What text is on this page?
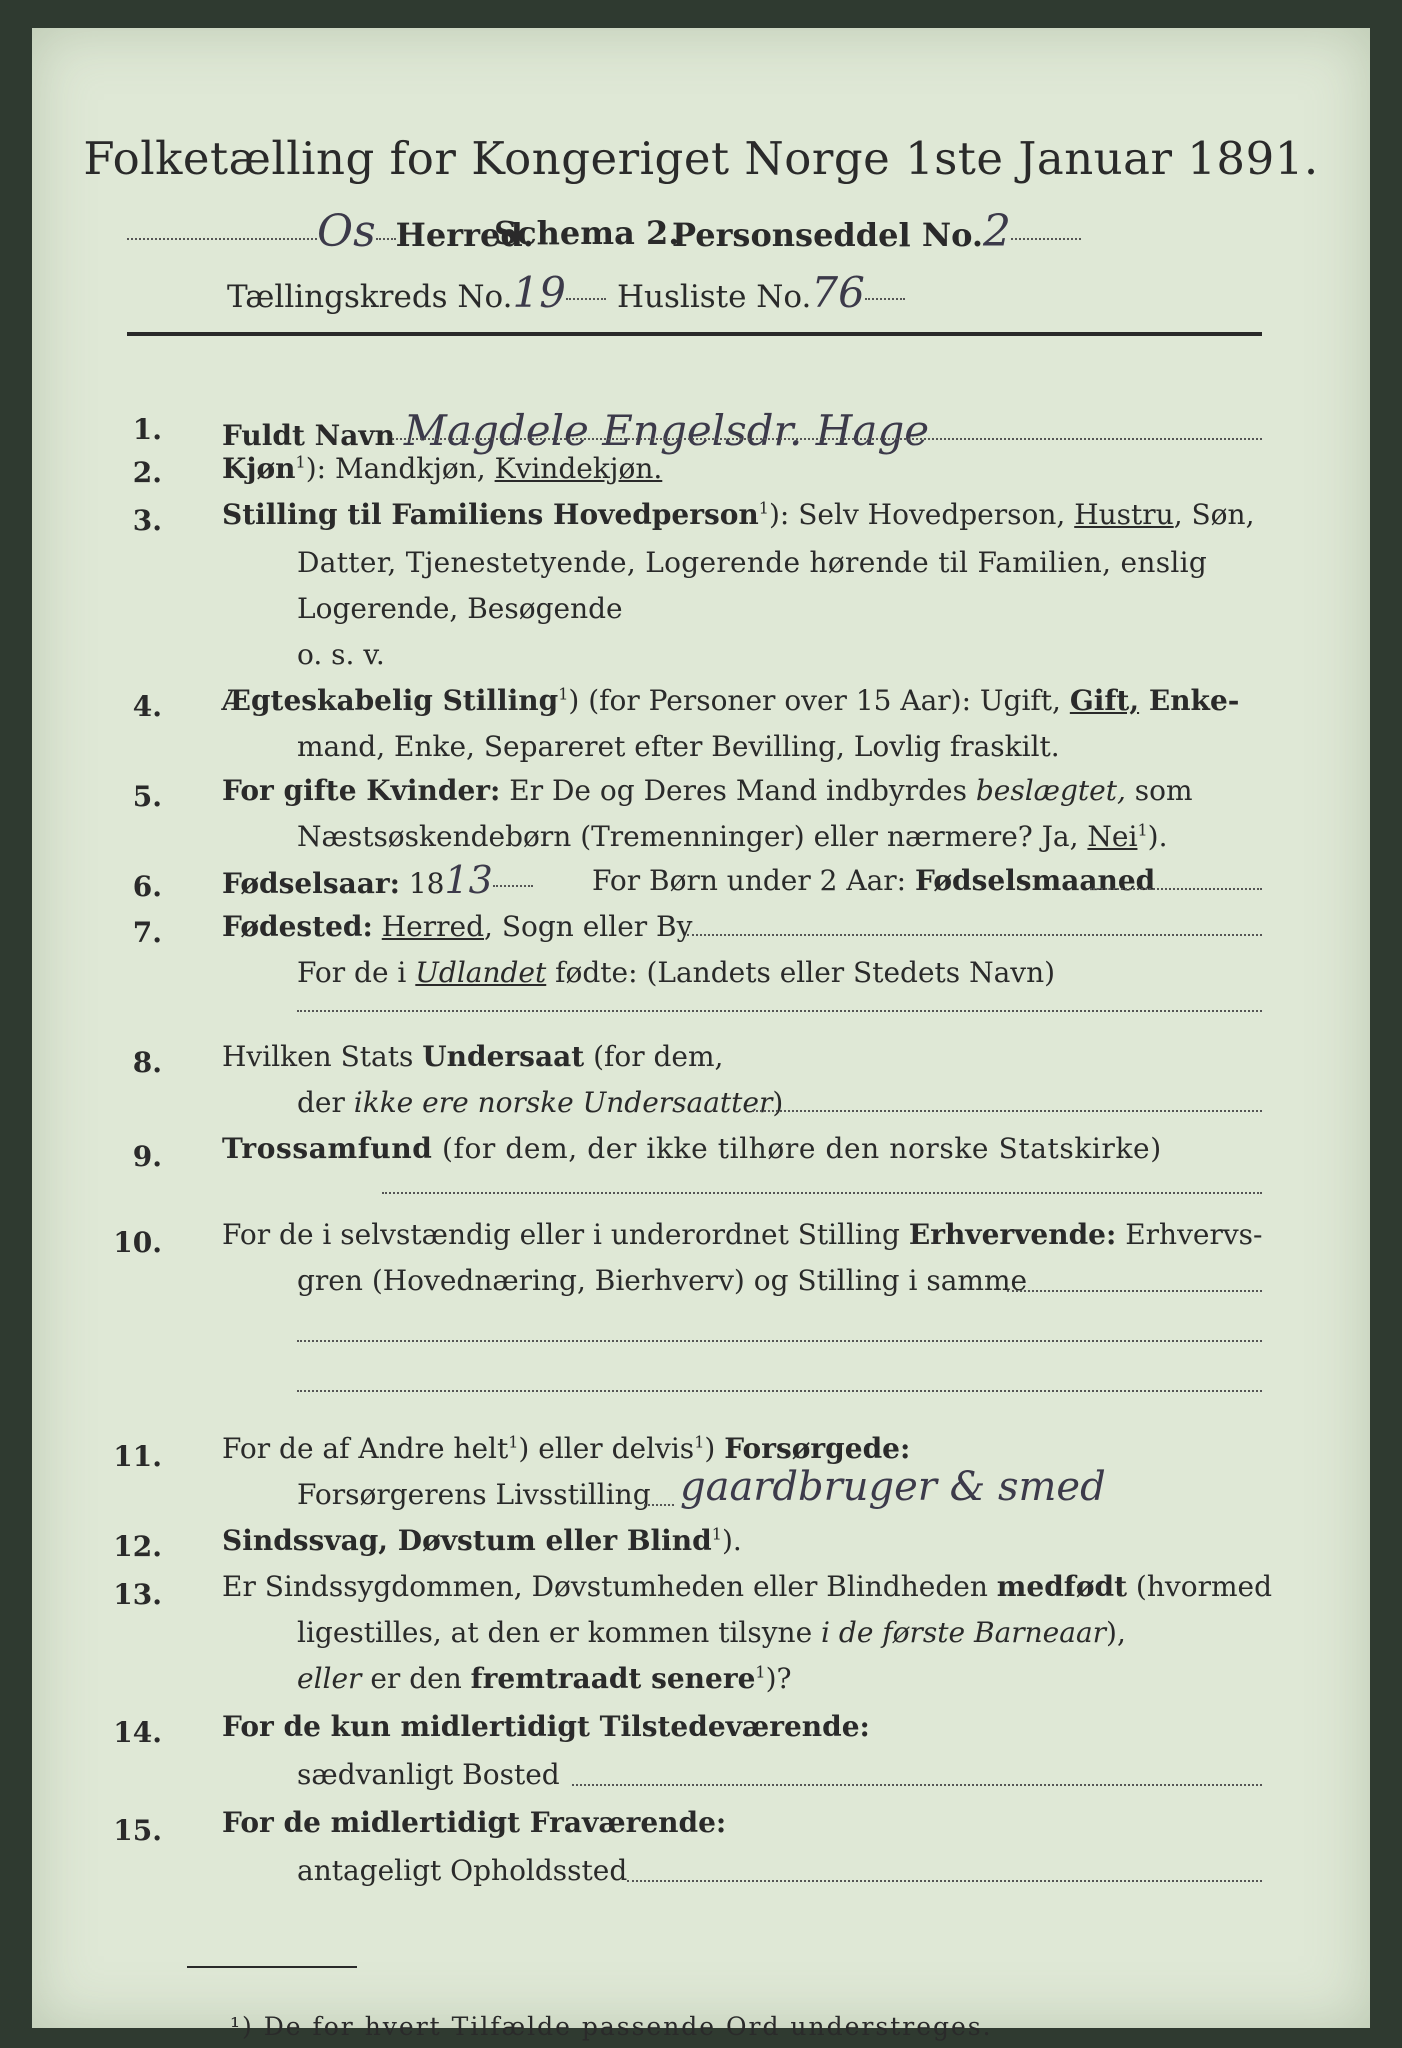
Folketælling for Kongeriget Norge 1ste Januar 1891.
Os Herred.
Schema 2.
Personseddel No.2
Tællingskreds No.19	Husliste No.76
1. Fuldt Navn Magdele Engelsdr. Hage
2. Kjøn$^1$): Mandkjøn, Kvindekjøn.
3. Stilling til Familiens Hovedperson$^1$): Selv Hovedperson, Hustru, Søn,
Datter, Tjenestetyende, Logerende hørende til Familien, enslig
Logerende, Besøgende
o. s. v.
4. Ægteskabelig Stilling$^1$) (for Personer over 15 Aar): Ugift, Gift, Enke-
mand, Enke, Separeret efter Bevilling, Lovlig fraskilt.
5. For gifte Kvinder: Er De og Deres Mand indbyrdes beslægtet, som
Næstsøskendebørn (Tremenninger) eller nærmere? Ja, Nei$^1$).
6. Fødselsaar: 1813	For Børn under 2 Aar: Fødselsmaaned
7. Fødested: Herred, Sogn eller By
For de i Udlandet fødte: (Landets eller Stedets Navn)
8. Hvilken Stats Undersaat (for dem,
der ikke ere norske Undersaatter)
9. Trossamfund (for dem, der ikke tilhøre den norske Statskirke)
10. For de i selvstændig eller i underordnet Stilling Erhvervende: Erhvervs-
gren (Hovednæring, Bierhverv) og Stilling i samme
11. For de af Andre helt$^1$) eller delvis$^1$) Forsørgede:
Forsørgerens Livsstilling gaardbruger & smed
12. Sindssvag, Døvstum eller Blind$^1$).
13. Er Sindssygdommen, Døvstumheden eller Blindheden medfødt (hvormed
ligestilles, at den er kommen tilsyne i de første Barneaar),
eller er den fremtraadt senere$^1$)?
14. For de kun midlertidigt Tilstedeværende:
sædvanligt Bosted
15. For de midlertidigt Fraværende:
antageligt Opholdssted
¹) De for hvert Tilfælde passende Ord understreges.
